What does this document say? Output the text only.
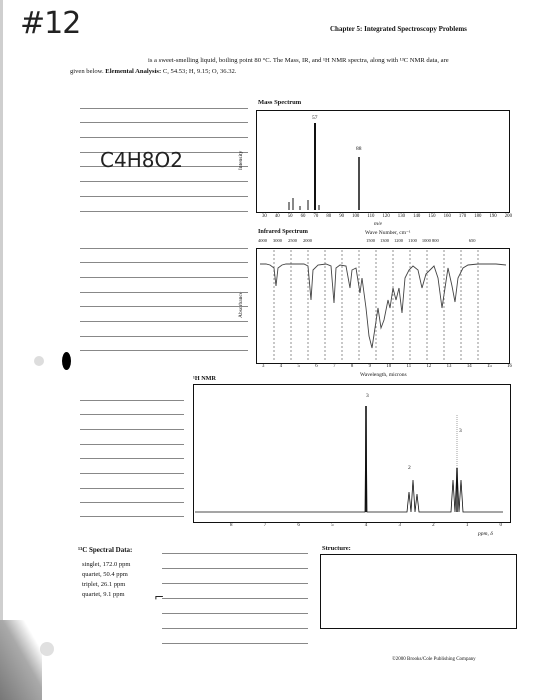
#12	Chapter 5: Integrated Spectroscopy Problems
is a sweet-smelling liquid, boiling point 80 °C. The Mass, IR, and ¹H NMR spectra, along with ¹³C NMR data, are
given below. Elemental Analysis: C, 54.53; H, 9.15; O, 36.32.
C4H8O2
Mass Spectrum
Intensity
57
88
30 40 50 60 70 80 90 100 110 120 130 140 150 160 170 180 190 200
m/e
Infrared Spectrum	Wave Number, cm⁻¹
4000 3000 2500 2000	1500 1300 1200 1100 1000 800	650
Absorbance
3	4	5	6	7	8	9	10	11	12	13	14	15	16
Wavelength, microns
¹H NMR
3
2
3
8	7	6	5	4	3	2	1	0
ppm, δ
¹³C Spectral Data:
singlet, 172.0 ppm
quartet, 50.4 ppm
triplet, 26.1 ppm
quartet, 9.1 ppm ⌐
Structure:
©2000 Brooks/Cole Publishing Company
